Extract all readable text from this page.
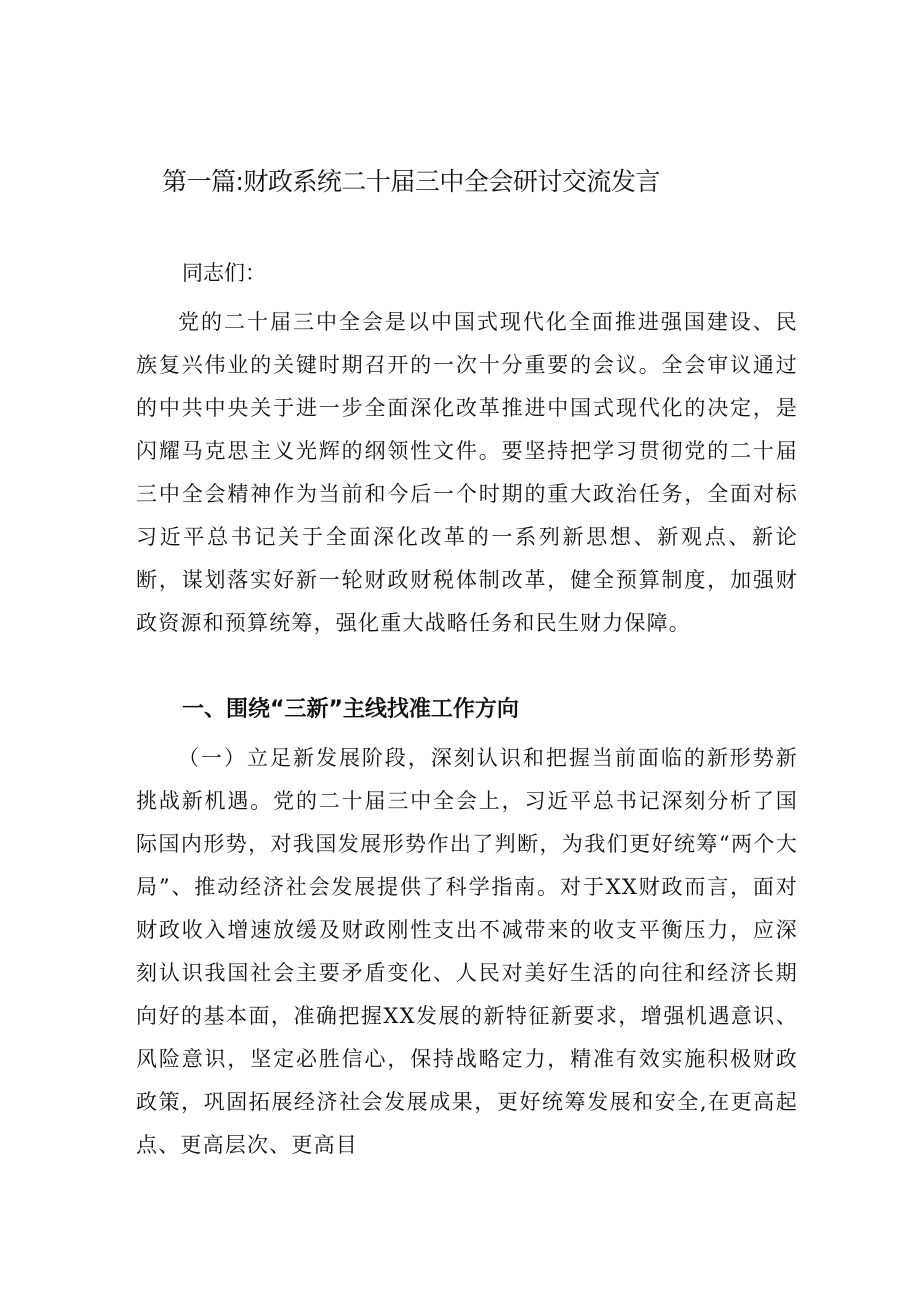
第一篇:财政系统二十届三中全会研讨交流发言

同志们：

党的二十届三中全会是以中国式现代化全面推进强国建设、民族复兴伟业的关键时期召开的一次十分重要的会议。全会审议通过的中共中央关于进一步全面深化改革推进中国式现代化的决定，是闪耀马克思主义光辉的纲领性文件。要坚持把学习贯彻党的二十届三中全会精神作为当前和今后一个时期的重大政治任务，全面对标习近平总书记关于全面深化改革的一系列新思想、新观点、新论断，谋划落实好新一轮财政财税体制改革，健全预算制度，加强财政资源和预算统筹，强化重大战略任务和民生财力保障。

一、围绕“三新”主线找准工作方向

（一）立足新发展阶段，深刻认识和把握当前面临的新形势新挑战新机遇。党的二十届三中全会上，习近平总书记深刻分析了国际国内形势，对我国发展形势作出了判断，为我们更好统筹“两个大局”、推动经济社会发展提供了科学指南。对于XX财政而言，面对财政收入增速放缓及财政刚性支出不减带来的收支平衡压力，应深刻认识我国社会主要矛盾变化、人民对美好生活的向往和经济长期向好的基本面，准确把握XX发展的新特征新要求，增强机遇意识、风险意识，坚定必胜信心，保持战略定力，精准有效实施积极财政政策，巩固拓展经济社会发展成果，更好统筹发展和安全,在更高起点、更高层次、更高目
